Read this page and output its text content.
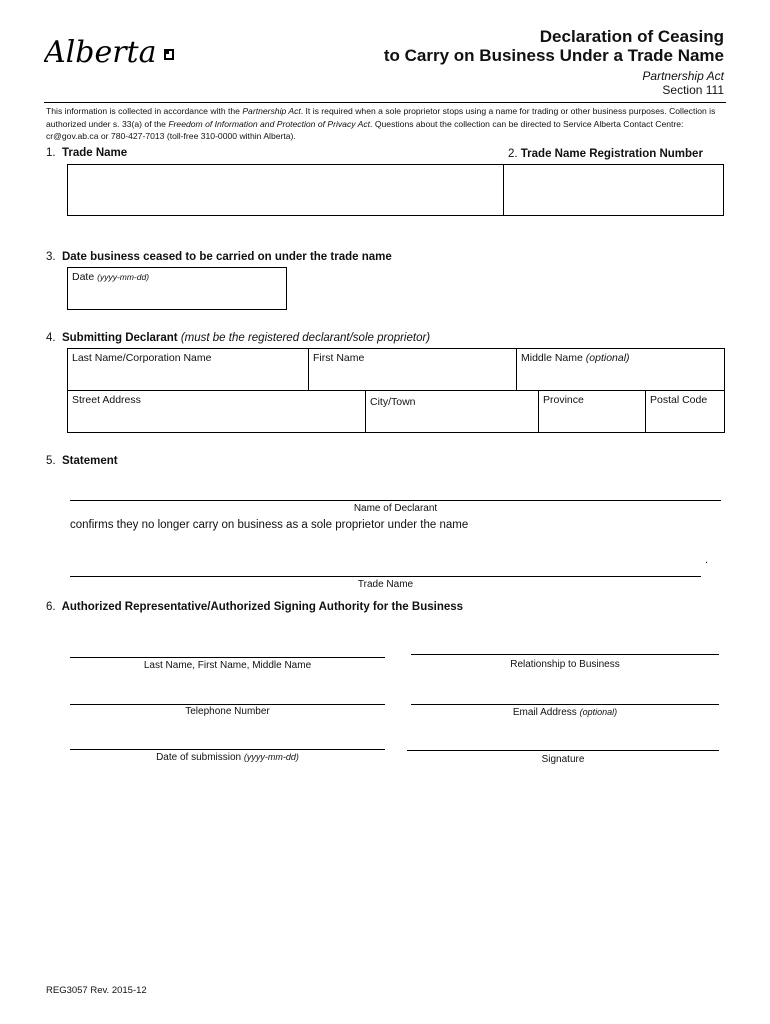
Alberta	Declaration of Ceasing
to Carry on Business Under a Trade Name
Partnership Act
Section 111
This information is collected in accordance with the Partnership Act. It is required when a sole proprietor stops using a name for trading or other business purposes. Collection is authorized under s. 33(a) of the Freedom of Information and Protection of Privacy Act. Questions about the collection can be directed to Service Alberta Contact Centre: cr@gov.ab.ca or 780-427-7013 (toll-free 310-0000 within Alberta).
1. Trade Name	2. Trade Name Registration Number
3. Date business ceased to be carried on under the trade name
Date (yyyy-mm-dd)
4. Submitting Declarant (must be the registered declarant/sole proprietor)
Last Name/Corporation Name	First Name	Middle Name (optional)
Street Address	City/Town	Province	Postal Code
5. Statement
Name of Declarant
confirms they no longer carry on business as a sole proprietor under the name
.
Trade Name
6. Authorized Representative/Authorized Signing Authority for the Business
Last Name, First Name, Middle Name	Relationship to Business
Telephone Number	Email Address (optional)
Date of submission (yyyy-mm-dd)	Signature
REG3057 Rev. 2015-12
